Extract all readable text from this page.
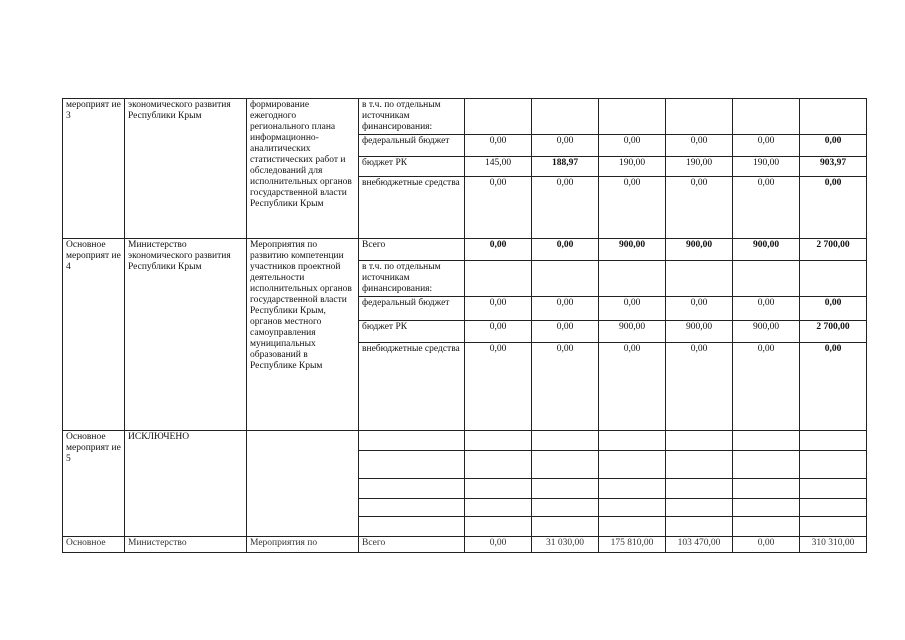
мероприят ие 3	экономического развития Республики Крым	формирование ежегодного регионального плана информационно-аналитических статистических работ и обследований для исполнительных органов государственной власти Республики Крым	в т.ч. по отдельным источникам финансирования:						
			федеральный бюджет	0,00	0,00	0,00	0,00	0,00	0,00
			бюджет РК	145,00	188,97	190,00	190,00	190,00	903,97
			внебюджетные средства	0,00	0,00	0,00	0,00	0,00	0,00
Основное мероприят ие 4	Министерство экономического развития Республики Крым	Мероприятия по развитию компетенции участников проектной деятельности исполнительных органов государственной власти Республики Крым, органов местного самоуправления муниципальных образований в Республике Крым	Всего	0,00	0,00	900,00	900,00	900,00	2 700,00
			в т.ч. по отдельным источникам финансирования:						
			федеральный бюджет	0,00	0,00	0,00	0,00	0,00	0,00
			бюджет РК	0,00	0,00	900,00	900,00	900,00	2 700,00
			внебюджетные средства	0,00	0,00	0,00	0,00	0,00	0,00
Основное мероприят ие 5	ИСКЛЮЧЕНО								

Основное	Министерство	Мероприятия по	Всего	0,00	31 030,00	175 810,00	103 470,00	0,00	310 310,00
